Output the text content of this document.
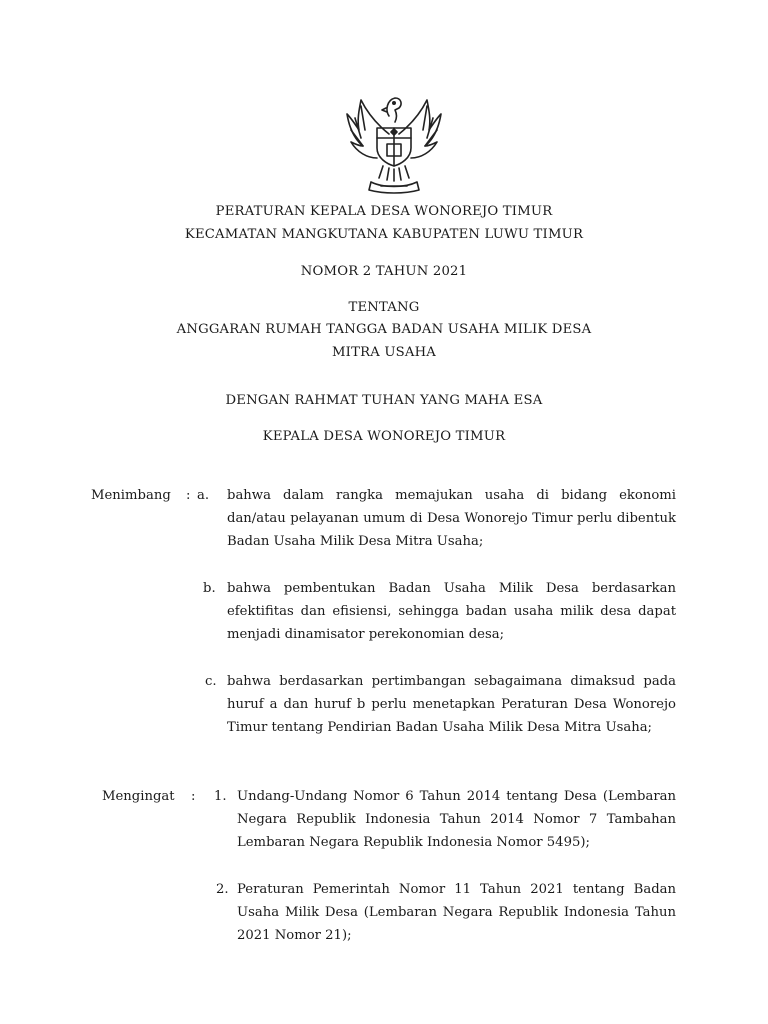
PERATURAN KEPALA DESA WONOREJO TIMUR
KECAMATAN MANGKUTANA KABUPATEN LUWU TIMUR
NOMOR 2 TAHUN 2021
TENTANG
ANGGARAN RUMAH TANGGA BADAN USAHA MILIK DESA
MITRA USAHA
DENGAN RAHMAT TUHAN YANG MAHA ESA
KEPALA DESA WONOREJO TIMUR
Menimbang : a. bahwa dalam rangka memajukan usaha di bidang ekonomi dan/atau pelayanan umum di Desa Wonorejo Timur perlu dibentuk Badan Usaha Milik Desa Mitra Usaha;
b. bahwa pembentukan Badan Usaha Milik Desa berdasarkan efektifitas dan efisiensi, sehingga badan usaha milik desa dapat menjadi dinamisator perekonomian desa;
c. bahwa berdasarkan pertimbangan sebagaimana dimaksud pada huruf a dan huruf b perlu menetapkan Peraturan Desa Wonorejo Timur tentang Pendirian Badan Usaha Milik Desa Mitra Usaha;
Mengingat : 1. Undang-Undang Nomor 6 Tahun 2014 tentang Desa (Lembaran Negara Republik Indonesia Tahun 2014 Nomor 7 Tambahan Lembaran Negara Republik Indonesia Nomor 5495);
2. Peraturan Pemerintah Nomor 11 Tahun 2021 tentang Badan Usaha Milik Desa (Lembaran Negara Republik Indonesia Tahun 2021 Nomor 21);
